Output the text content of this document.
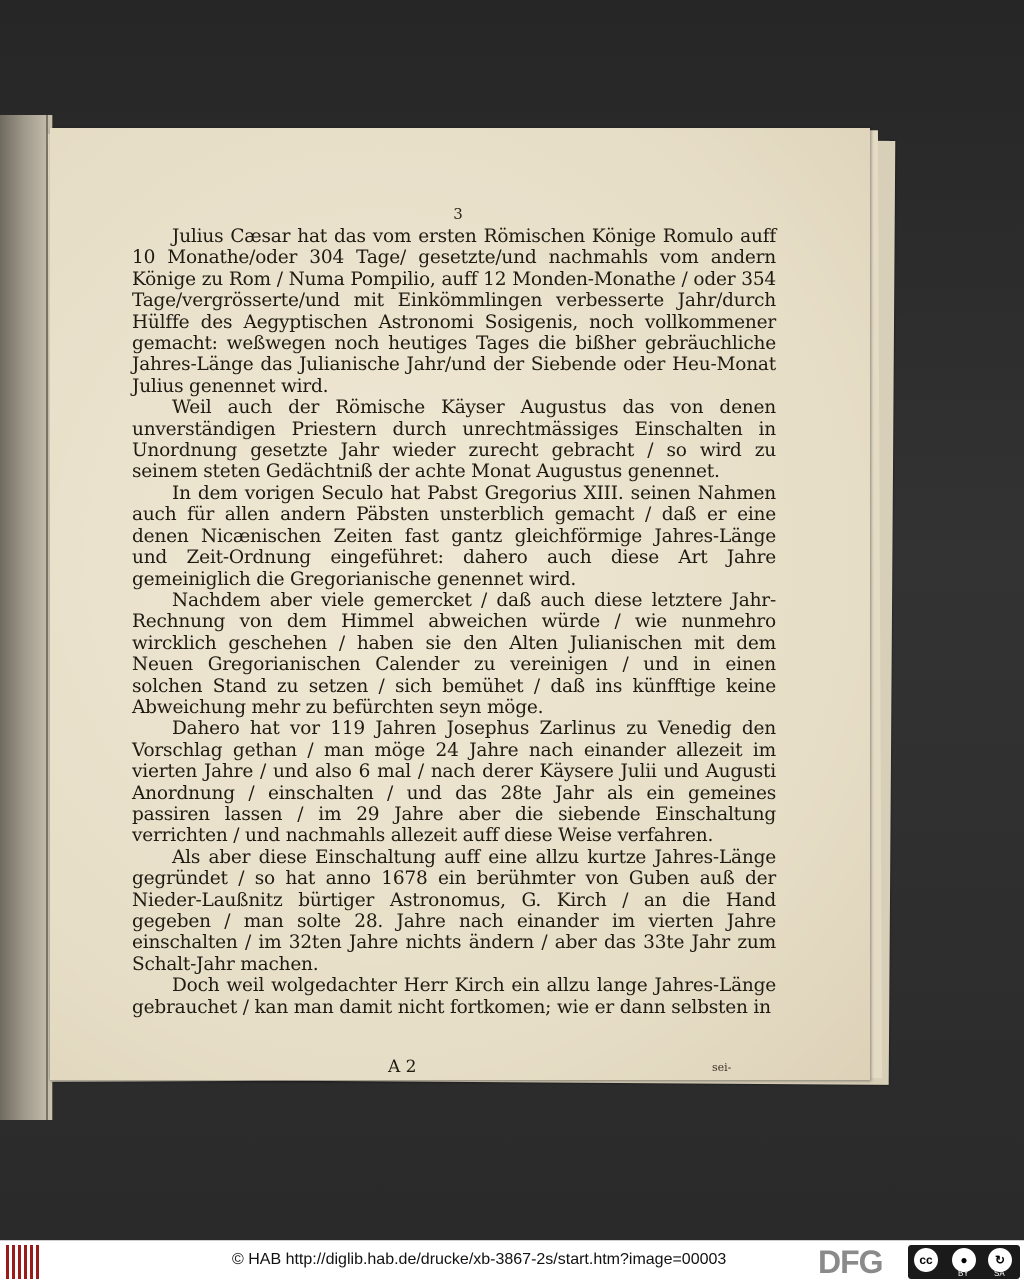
3

Julius Cæsar hat das vom ersten Römischen Könige Romulo auff 10 Monathe/oder 304 Tage/ gesetzte/und nachmahls vom andern Könige zu Rom / Numa Pompilio, auff 12 Monden-Monathe / oder 354 Tage/vergrösserte/und mit Einkömmlingen verbesserte Jahr/durch Hülffe des Aegyptischen Astronomi Sosigenis, noch vollkommener gemacht: weßwegen noch heutiges Tages die bißher gebräuchliche Jahres-Länge das Julianische Jahr/und der Siebende oder Heu-Monat Julius genennet wird.

Weil auch der Römische Käyser Augustus das von denen unverständigen Priestern durch unrechtmässiges Einschalten in Unordnung gesetzte Jahr wieder zurecht gebracht / so wird zu seinem steten Gedächtniß der achte Monat Augustus genennet.

In dem vorigen Seculo hat Pabst Gregorius XIII. seinen Nahmen auch für allen andern Päbsten unsterblich gemacht / daß er eine denen Nicænischen Zeiten fast gantz gleichförmige Jahres-Länge und Zeit-Ordnung eingeführet: dahero auch diese Art Jahre gemeiniglich die Gregorianische genennet wird.

Nachdem aber viele gemercket / daß auch diese letztere Jahr-Rechnung von dem Himmel abweichen würde / wie nunmehro wircklich geschehen / haben sie den Alten Julianischen mit dem Neuen Gregorianischen Calender zu vereinigen / und in einen solchen Stand zu setzen / sich bemühet / daß ins künfftige keine Abweichung mehr zu befürchten seyn möge.

Dahero hat vor 119 Jahren Josephus Zarlinus zu Venedig den Vorschlag gethan / man möge 24 Jahre nach einander allezeit im vierten Jahre / und also 6 mal / nach derer Käysere Julii und Augusti Anordnung / einschalten / und das 28te Jahr als ein gemeines passiren lassen / im 29 Jahre aber die siebende Einschaltung verrichten / und nachmahls allezeit auff diese Weise verfahren.

Als aber diese Einschaltung auff eine allzu kurtze Jahres-Länge gegründet / so hat anno 1678 ein berühmter von Guben auß der Nieder-Laußnitz bürtiger Astronomus, G. Kirch / an die Hand gegeben / man solte 28. Jahre nach einander im vierten Jahre einschalten / im 32ten Jahre nichts ändern / aber das 33te Jahr zum Schalt-Jahr machen.

Doch weil wolgedachter Herr Kirch ein allzu lange Jahres-Länge gebrauchet / kan man damit nicht fortkomen; wie er dann selbsten in

A 2	sei-
© HAB http://diglib.hab.de/drucke/xb-3867-2s/start.htm?image=00003	DFG	cc	●	↻
BY	SA
